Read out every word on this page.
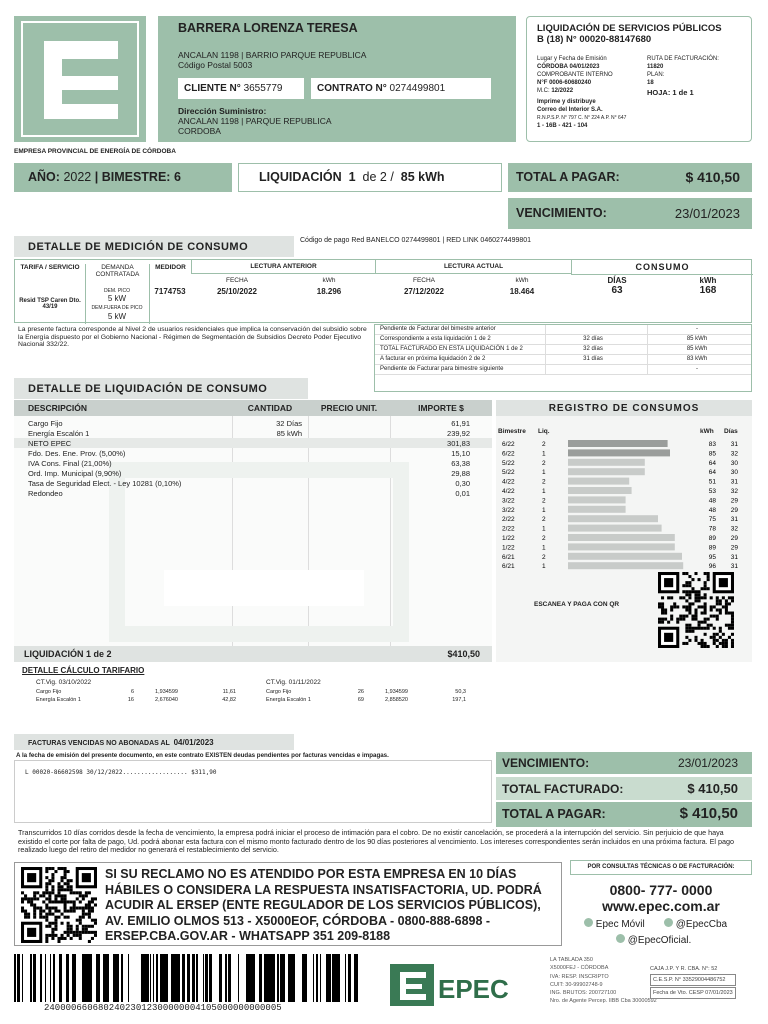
EMPRESA PROVINCIAL DE ENERGÍA DE CÓRDOBA
BARRERA LORENZA TERESA
ANCALAN 1198 | BARRIO PARQUE REPUBLICA
Código Postal 5003
CLIENTE N° 3655779	CONTRATO N° 0274499801
Dirección Suministro:
ANCALAN 1198 | PARQUE REPUBLICA
CORDOBA
LIQUIDACIÓN DE SERVICIOS PÚBLICOS
B (18) N° 00020-88147680
Lugar y Fecha de Emisión
CÓRDOBA 04/01/2023
COMPROBANTE INTERNO
N°F 0006-60680240
M.C: 12/2022
Imprime y distribuye
Correo del Interior S.A.
R.N.P.S.P. N° 797 C. N° 224 A.P. N° 647
1 - 16B - 421 - 104
RUTA DE FACTURACIÓN:
11820
PLAN:
18
HOJA: 1 de 1
AÑO: 2022 | BIMESTRE: 6	LIQUIDACIÓN 1 de 2 / 85 kWh	TOTAL A PAGAR:	$ 410,50
VENCIMIENTO:	23/01/2023
DETALLE DE MEDICIÓN DE CONSUMO
Código de pago Red BANELCO 0274499801 | RED LINK 0460274499801
TARIFA / SERVICIO	DEMANDA CONTRATADA
MEDIDOR	LECTURA ANTERIOR	LECTURA ACTUAL	CONSUMO
FECHA	kWh	FECHA	kWh	DÍAS	kWh
Resid TSP Caren Dto. 43/19
DEM. PICO
5 kW
DEM.FUERA DE PICO
5 kW
7174753	25/10/2022	18.296	27/12/2022	18.464	63	168
La presente factura corresponde al Nivel 2 de usuarios residenciales que implica la conservación del subsidio sobre la Energía dispuesto por el Gobierno Nacional - Régimen de Segmentación de Subsidios Decreto Poder Ejecutivo Nacional 332/22.
Pendiente de Facturar del bimestre anterior	-
Correspondiente a esta liquidación 1 de 2	32 días	85 kWh
TOTAL FACTURADO EN ESTA LIQUIDACIÓN 1 de 2	32 días	85 kWh
A facturar en próxima liquidación 2 de 2	31 días	83 kWh
Pendiente de Facturar para bimestre siguiente	-
DETALLE DE LIQUIDACIÓN DE CONSUMO
DESCRIPCIÓN	CANTIDAD	PRECIO UNIT.	IMPORTE $
Cargo Fijo	32 Días	61,91
Energía Escalón 1	85 kWh	239,92
NETO EPEC	301,83
Fdo. Des. Ene. Prov. (5,00%)	15,10
IVA Cons. Final (21,00%)	63,38
Ord. Imp. Municipal (9,90%)	29,88
Tasa de Seguridad Elect. - Ley 10281 (0,10%)	0,30
Redondeo	0,01
LIQUIDACIÓN 1 de 2	$410,50
REGISTRO DE CONSUMOS
Bimestre Liq.	kWh Días
6/22	2	83 31
6/22	1	85 32
5/22	2	64 30
5/22	1	64 30
4/22	2	51 31
4/22	1	53 32
3/22	2	48 29
3/22	1	48 29
2/22	2	75 31
2/22	1	78 32
1/22	2	89 29
1/22	1	89 29
6/21	2	95 31
6/21	1	96 31
ESCANEA Y PAGA CON QR
DETALLE CÁLCULO TARIFARIO
CT.Vig. 03/10/2022	CT.Vig. 01/11/2022
Cargo Fijo	6	1,934599	11,61
Energía Escalón 1	16	2,676040	42,82
Cargo Fijo	26	1,934599	50,3
Energía Escalón 1	69	2,858520	197,1
FACTURAS VENCIDAS NO ABONADAS AL 04/01/2023
A la fecha de emisión del presente documento, en este contrato EXISTEN deudas pendientes por facturas vencidas e impagas.
L 00020-86602598 30/12/2022.................. $311,90
VENCIMIENTO:	23/01/2023
TOTAL FACTURADO:	$ 410,50
TOTAL A PAGAR:	$ 410,50
Transcurridos 10 días corridos desde la fecha de vencimiento, la empresa podrá iniciar el proceso de intimación para el cobro. De no existir cancelación, se procederá a la interrupción del servicio. Sin perjuicio de que haya existido el corte por falta de pago, Ud. podrá abonar esta factura con el mismo monto facturado dentro de los 90 días posteriores al vencimiento. Los intereses correspondientes serán incluidos en una próxima factura. El pago realizado luego del retiro del medidor no generará el restablecimiento del servicio.
SI SU RECLAMO NO ES ATENDIDO POR ESTA EMPRESA EN 10 DÍAS HÁBILES O CONSIDERA LA RESPUESTA INSATISFACTORIA, UD. PODRÁ ACUDIR AL ERSEP (ENTE REGULADOR DE LOS SERVICIOS PÚBLICOS), AV. EMILIO OLMOS 513 - X5000EOF, CÓRDOBA - 0800-888-6898 - ERSEP.CBA.GOV.AR - WHATSAPP 351 209-8188
POR CONSULTAS TÉCNICAS O DE FACTURACIÓN:
0800- 777- 0000
www.epec.com.ar
Epec Móvil	@EpecCba
@EpecOficial.
24000066068024023012300000004105000000000005
EPEC
LA TABLADA 350
X5000FEJ - CÓRDOBA
IVA: RESP. INSCRIPTO
CUIT: 30-99902748-9
ING. BRUTOS: 200727100
Nro. de Agente Percep. IIBB Cba 30000592
CAJA J.P. Y R. CBA. N°: 52
C.E.S.P. N° 33529004486752
Fecha de Vto. CESP 07/01/2023
